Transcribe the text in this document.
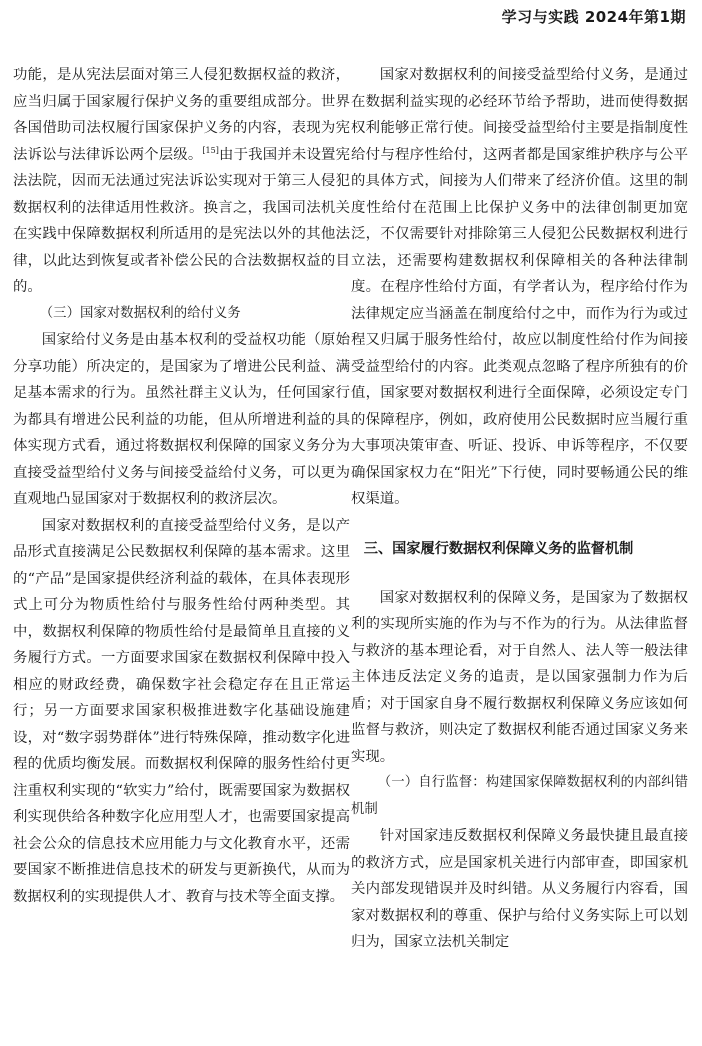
学习与实践 2024年第1期

功能，是从宪法层面对第三人侵犯数据权益的救济，应当归属于国家履行保护义务的重要组成部分。世界各国借助司法权履行国家保护义务的内容，表现为宪法诉讼与法律诉讼两个层级。[15]由于我国并未设置宪法法院，因而无法通过宪法诉讼实现对于第三人侵犯数据权利的法律适用性救济。换言之，我国司法机关在实践中保障数据权利所适用的是宪法以外的其他法律，以此达到恢复或者补偿公民的合法数据权益的目的。

（三）国家对数据权利的给付义务

国家给付义务是由基本权利的受益权功能（原始分享功能）所决定的，是国家为了增进公民利益、满足基本需求的行为。虽然社群主义认为，任何国家行为都具有增进公民利益的功能，但从所增进利益的具体实现方式看，通过将数据权利保障的国家义务分为直接受益型给付义务与间接受益给付义务，可以更为直观地凸显国家对于数据权利的救济层次。

国家对数据权利的直接受益型给付义务，是以产品形式直接满足公民数据权利保障的基本需求。这里的“产品”是国家提供经济利益的载体，在具体表现形式上可分为物质性给付与服务性给付两种类型。其中，数据权利保障的物质性给付是最简单且直接的义务履行方式。一方面要求国家在数据权利保障中投入相应的财政经费，确保数字社会稳定存在且正常运行；另一方面要求国家积极推进数字化基础设施建设，对“数字弱势群体”进行特殊保障，推动数字化进程的优质均衡发展。而数据权利保障的服务性给付更注重权利实现的“软实力”给付，既需要国家为数据权利实现供给各种数字化应用型人才，也需要国家提高社会公众的信息技术应用能力与文化教育水平，还需要国家不断推进信息技术的研发与更新换代，从而为数据权利的实现提供人才、教育与技术等全面支撑。

国家对数据权利的间接受益型给付义务，是通过在数据利益实现的必经环节给予帮助，进而使得数据权利能够正常行使。间接受益型给付主要是指制度性给付与程序性给付，这两者都是国家维护秩序与公平的具体方式，间接为人们带来了经济价值。这里的制度性给付在范围上比保护义务中的法律创制更加宽泛，不仅需要针对排除第三人侵犯公民数据权利进行立法，还需要构建数据权利保障相关的各种法律制度。在程序性给付方面，有学者认为，程序给付作为法律规定应当涵盖在制度给付之中，而作为行为或过程又归属于服务性给付，故应以制度性给付作为间接受益型给付的内容。此类观点忽略了程序所独有的价值，国家要对数据权利进行全面保障，必须设定专门的保障程序，例如，政府使用公民数据时应当履行重大事项决策审查、听证、投诉、申诉等程序，不仅要确保国家权力在“阳光”下行使，同时要畅通公民的维权渠道。

三、国家履行数据权利保障义务的监督机制

国家对数据权利的保障义务，是国家为了数据权利的实现所实施的作为与不作为的行为。从法律监督与救济的基本理论看，对于自然人、法人等一般法律主体违反法定义务的追责，是以国家强制力作为后盾；对于国家自身不履行数据权利保障义务应该如何监督与救济，则决定了数据权利能否通过国家义务来实现。

（一）自行监督：构建国家保障数据权利的内部纠错机制

针对国家违反数据权利保障义务最快捷且最直接的救济方式，应是国家机关进行内部审查，即国家机关内部发现错误并及时纠错。从义务履行内容看，国家对数据权利的尊重、保护与给付义务实际上可以划归为，国家立法机关制定
